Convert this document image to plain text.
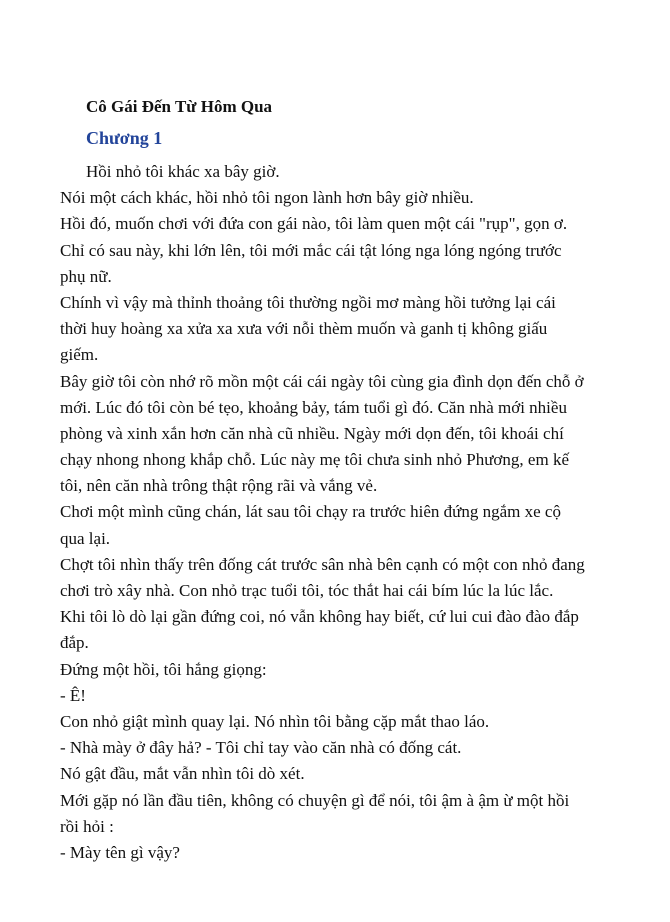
Cô Gái Đến Từ Hôm Qua
Chương 1
Hồi nhỏ tôi khác xa bây giờ.
Nói một cách khác, hồi nhỏ tôi ngon lành hơn bây giờ nhiều.
Hồi đó, muốn chơi với đứa con gái nào, tôi làm quen một cái "rụp", gọn ơ.
Chỉ có sau này, khi lớn lên, tôi mới mắc cái tật lóng nga lóng ngóng trước
phụ nữ.
Chính vì vậy mà thỉnh thoảng tôi thường ngồi mơ màng hồi tưởng lại cái
thời huy hoàng xa xửa xa xưa với nỗi thèm muốn và ganh tị không giấu
giếm.
Bây giờ tôi còn nhớ rõ mồn một cái cái ngày tôi cùng gia đình dọn đến chỗ ở
mới. Lúc đó tôi còn bé tẹo, khoảng bảy, tám tuổi gì đó. Căn nhà mới nhiều
phòng và xinh xắn hơn căn nhà cũ nhiều. Ngày mới dọn đến, tôi khoái chí
chạy nhong nhong khắp chỗ. Lúc này mẹ tôi chưa sinh nhỏ Phương, em kế
tôi, nên căn nhà trông thật rộng rãi và vắng vẻ.
Chơi một mình cũng chán, lát sau tôi chạy ra trước hiên đứng ngắm xe cộ
qua lại.
Chợt tôi nhìn thấy trên đống cát trước sân nhà bên cạnh có một con nhỏ đang
chơi trò xây nhà. Con nhỏ trạc tuổi tôi, tóc thắt hai cái bím lúc la lúc lắc.
Khi tôi lò dò lại gần đứng coi, nó vẫn không hay biết, cứ lui cui đào đào đắp
đắp.
Đứng một hồi, tôi hắng giọng:
- Ê!
Con nhỏ giật mình quay lại. Nó nhìn tôi bằng cặp mắt thao láo.
- Nhà mày ở đây hả? - Tôi chỉ tay vào căn nhà có đống cát.
Nó gật đầu, mắt vẫn nhìn tôi dò xét.
Mới gặp nó lần đầu tiên, không có chuyện gì để nói, tôi ậm à ậm ừ một hồi
rồi hỏi :
- Mày tên gì vậy?
